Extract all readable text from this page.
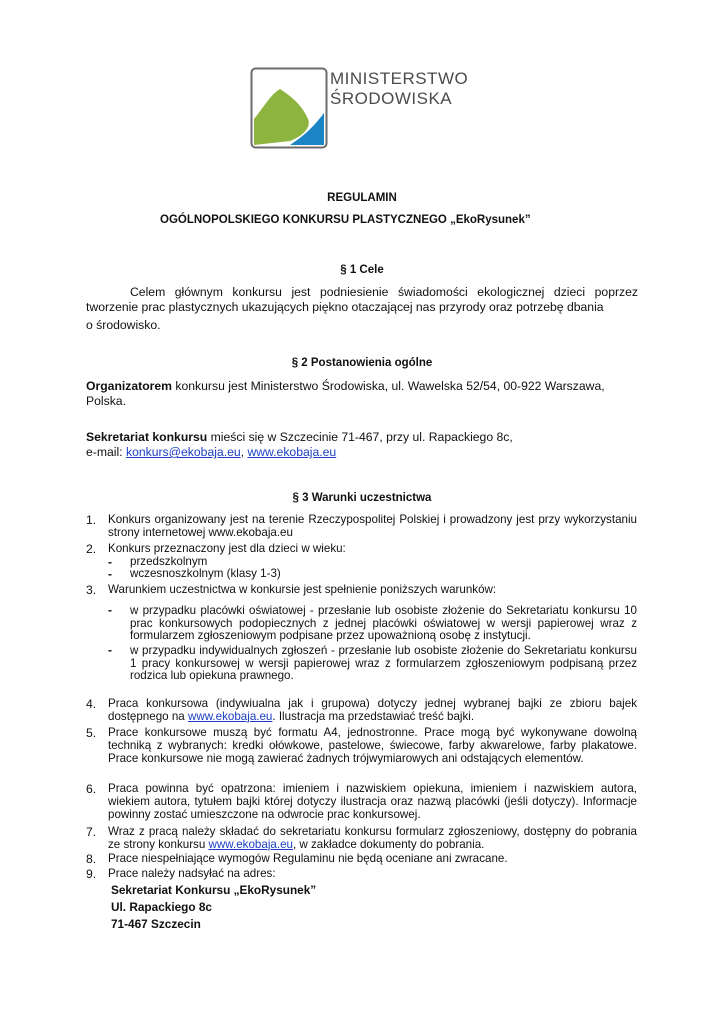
MINISTERSTWO
ŚRODOWISKA
REGULAMIN
OGÓLNOPOLSKIEGO KONKURSU PLASTYCZNEGO „EkoRysunek”
§ 1 Cele
Celem głównym konkursu jest podniesienie świadomości ekologicznej dzieci poprzez tworzenie prac plastycznych ukazujących piękno otaczającej nas przyrody oraz potrzebę dbania
o środowisko.
§ 2 Postanowienia ogólne
Organizatorem konkursu jest Ministerstwo Środowiska, ul. Wawelska 52/54, 00-922 Warszawa, Polska.
Sekretariat konkursu mieści się w Szczecinie 71-467, przy ul. Rapackiego 8c,
e-mail: konkurs@ekobaja.eu, www.ekobaja.eu
§ 3 Warunki uczestnictwa
1.	Konkurs organizowany jest na terenie Rzeczypospolitej Polskiej i prowadzony jest przy wykorzystaniu strony internetowej www.ekobaja.eu
2.	Konkurs przeznaczony jest dla dzieci w wieku:
- przedszkolnym
- wczesnoszkolnym (klasy 1-3)
3.	Warunkiem uczestnictwa w konkursie jest spełnienie poniższych warunków:
- w przypadku placówki oświatowej - przesłanie lub osobiste złożenie do Sekretariatu konkursu 10 prac konkursowych podopiecznych z jednej placówki oświatowej w wersji papierowej wraz z formularzem zgłoszeniowym podpisane przez upoważnioną osobę z instytucji.
- w przypadku indywidualnych zgłoszeń - przesłanie lub osobiste złożenie do Sekretariatu konkursu 1 pracy konkursowej w wersji papierowej wraz z formularzem zgłoszeniowym podpisaną przez rodzica lub opiekuna prawnego.
4.	Praca konkursowa (indywiualna jak i grupowa) dotyczy jednej wybranej bajki ze zbioru bajek dostępnego na www.ekobaja.eu. Ilustracja ma przedstawiać treść bajki.
5.	Prace konkursowe muszą być formatu A4, jednostronne. Prace mogą być wykonywane dowolną techniką z wybranych: kredki ołówkowe, pastelowe, świecowe, farby akwarelowe, farby plakatowe. Prace konkursowe nie mogą zawierać żadnych trójwymiarowych ani odstających elementów.
6.	Praca powinna być opatrzona: imieniem i nazwiskiem opiekuna, imieniem i nazwiskiem autora, wiekiem autora, tytułem bajki której dotyczy ilustracja oraz nazwą placówki (jeśli dotyczy). Informacje powinny zostać umieszczone na odwrocie prac konkursowej.
7.	Wraz z pracą należy składać do sekretariatu konkursu formularz zgłoszeniowy, dostępny do pobrania ze strony konkursu www.ekobaja.eu, w zakładce dokumenty do pobrania.
8.	Prace niespełniające wymogów Regulaminu nie będą oceniane ani zwracane.
9.	Prace należy nadsyłać na adres:
Sekretariat Konkursu „EkoRysunek”
Ul. Rapackiego 8c
71-467 Szczecin
